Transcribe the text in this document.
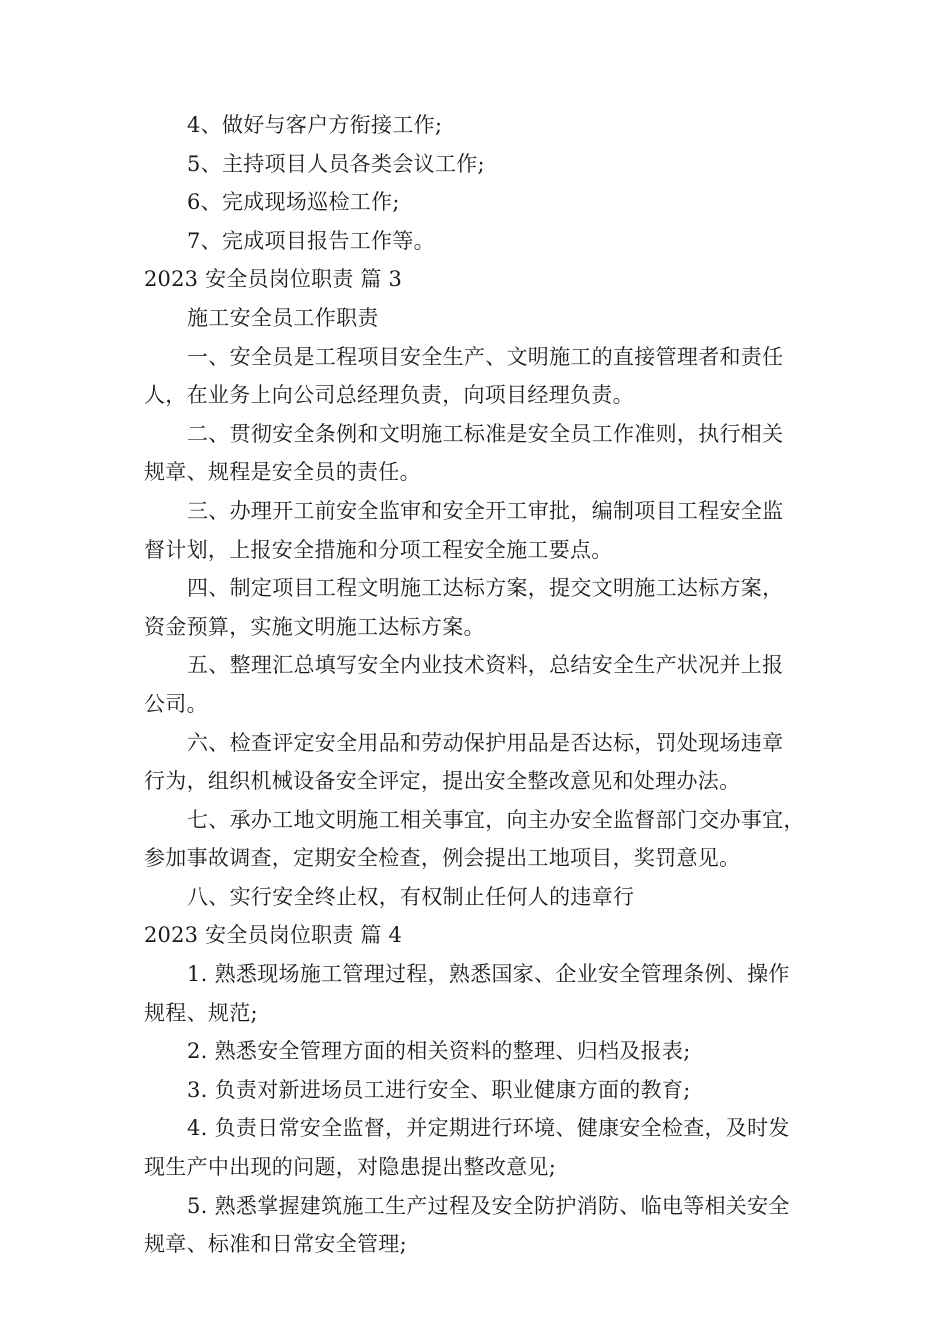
4、做好与客户方衔接工作;
5、主持项目人员各类会议工作;
6、完成现场巡检工作;
7、完成项目报告工作等。
2023 安全员岗位职责 篇 3
施工安全员工作职责
一、安全员是工程项目安全生产、文明施工的直接管理者和责任
人，在业务上向公司总经理负责，向项目经理负责。
二、贯彻安全条例和文明施工标准是安全员工作准则，执行相关
规章、规程是安全员的责任。
三、办理开工前安全监审和安全开工审批，编制项目工程安全监
督计划，上报安全措施和分项工程安全施工要点。
四、制定项目工程文明施工达标方案，提交文明施工达标方案，
资金预算，实施文明施工达标方案。
五、整理汇总填写安全内业技术资料，总结安全生产状况并上报
公司。
六、检查评定安全用品和劳动保护用品是否达标，罚处现场违章
行为，组织机械设备安全评定，提出安全整改意见和处理办法。
七、承办工地文明施工相关事宜，向主办安全监督部门交办事宜，
参加事故调查，定期安全检查，例会提出工地项目，奖罚意见。
八、实行安全终止权，有权制止任何人的违章行
2023 安全员岗位职责 篇 4
1. 熟悉现场施工管理过程，熟悉国家、企业安全管理条例、操作
规程、规范;
2. 熟悉安全管理方面的相关资料的整理、归档及报表;
3. 负责对新进场员工进行安全、职业健康方面的教育;
4. 负责日常安全监督，并定期进行环境、健康安全检查，及时发
现生产中出现的问题，对隐患提出整改意见;
5. 熟悉掌握建筑施工生产过程及安全防护消防、临电等相关安全
规章、标准和日常安全管理;
